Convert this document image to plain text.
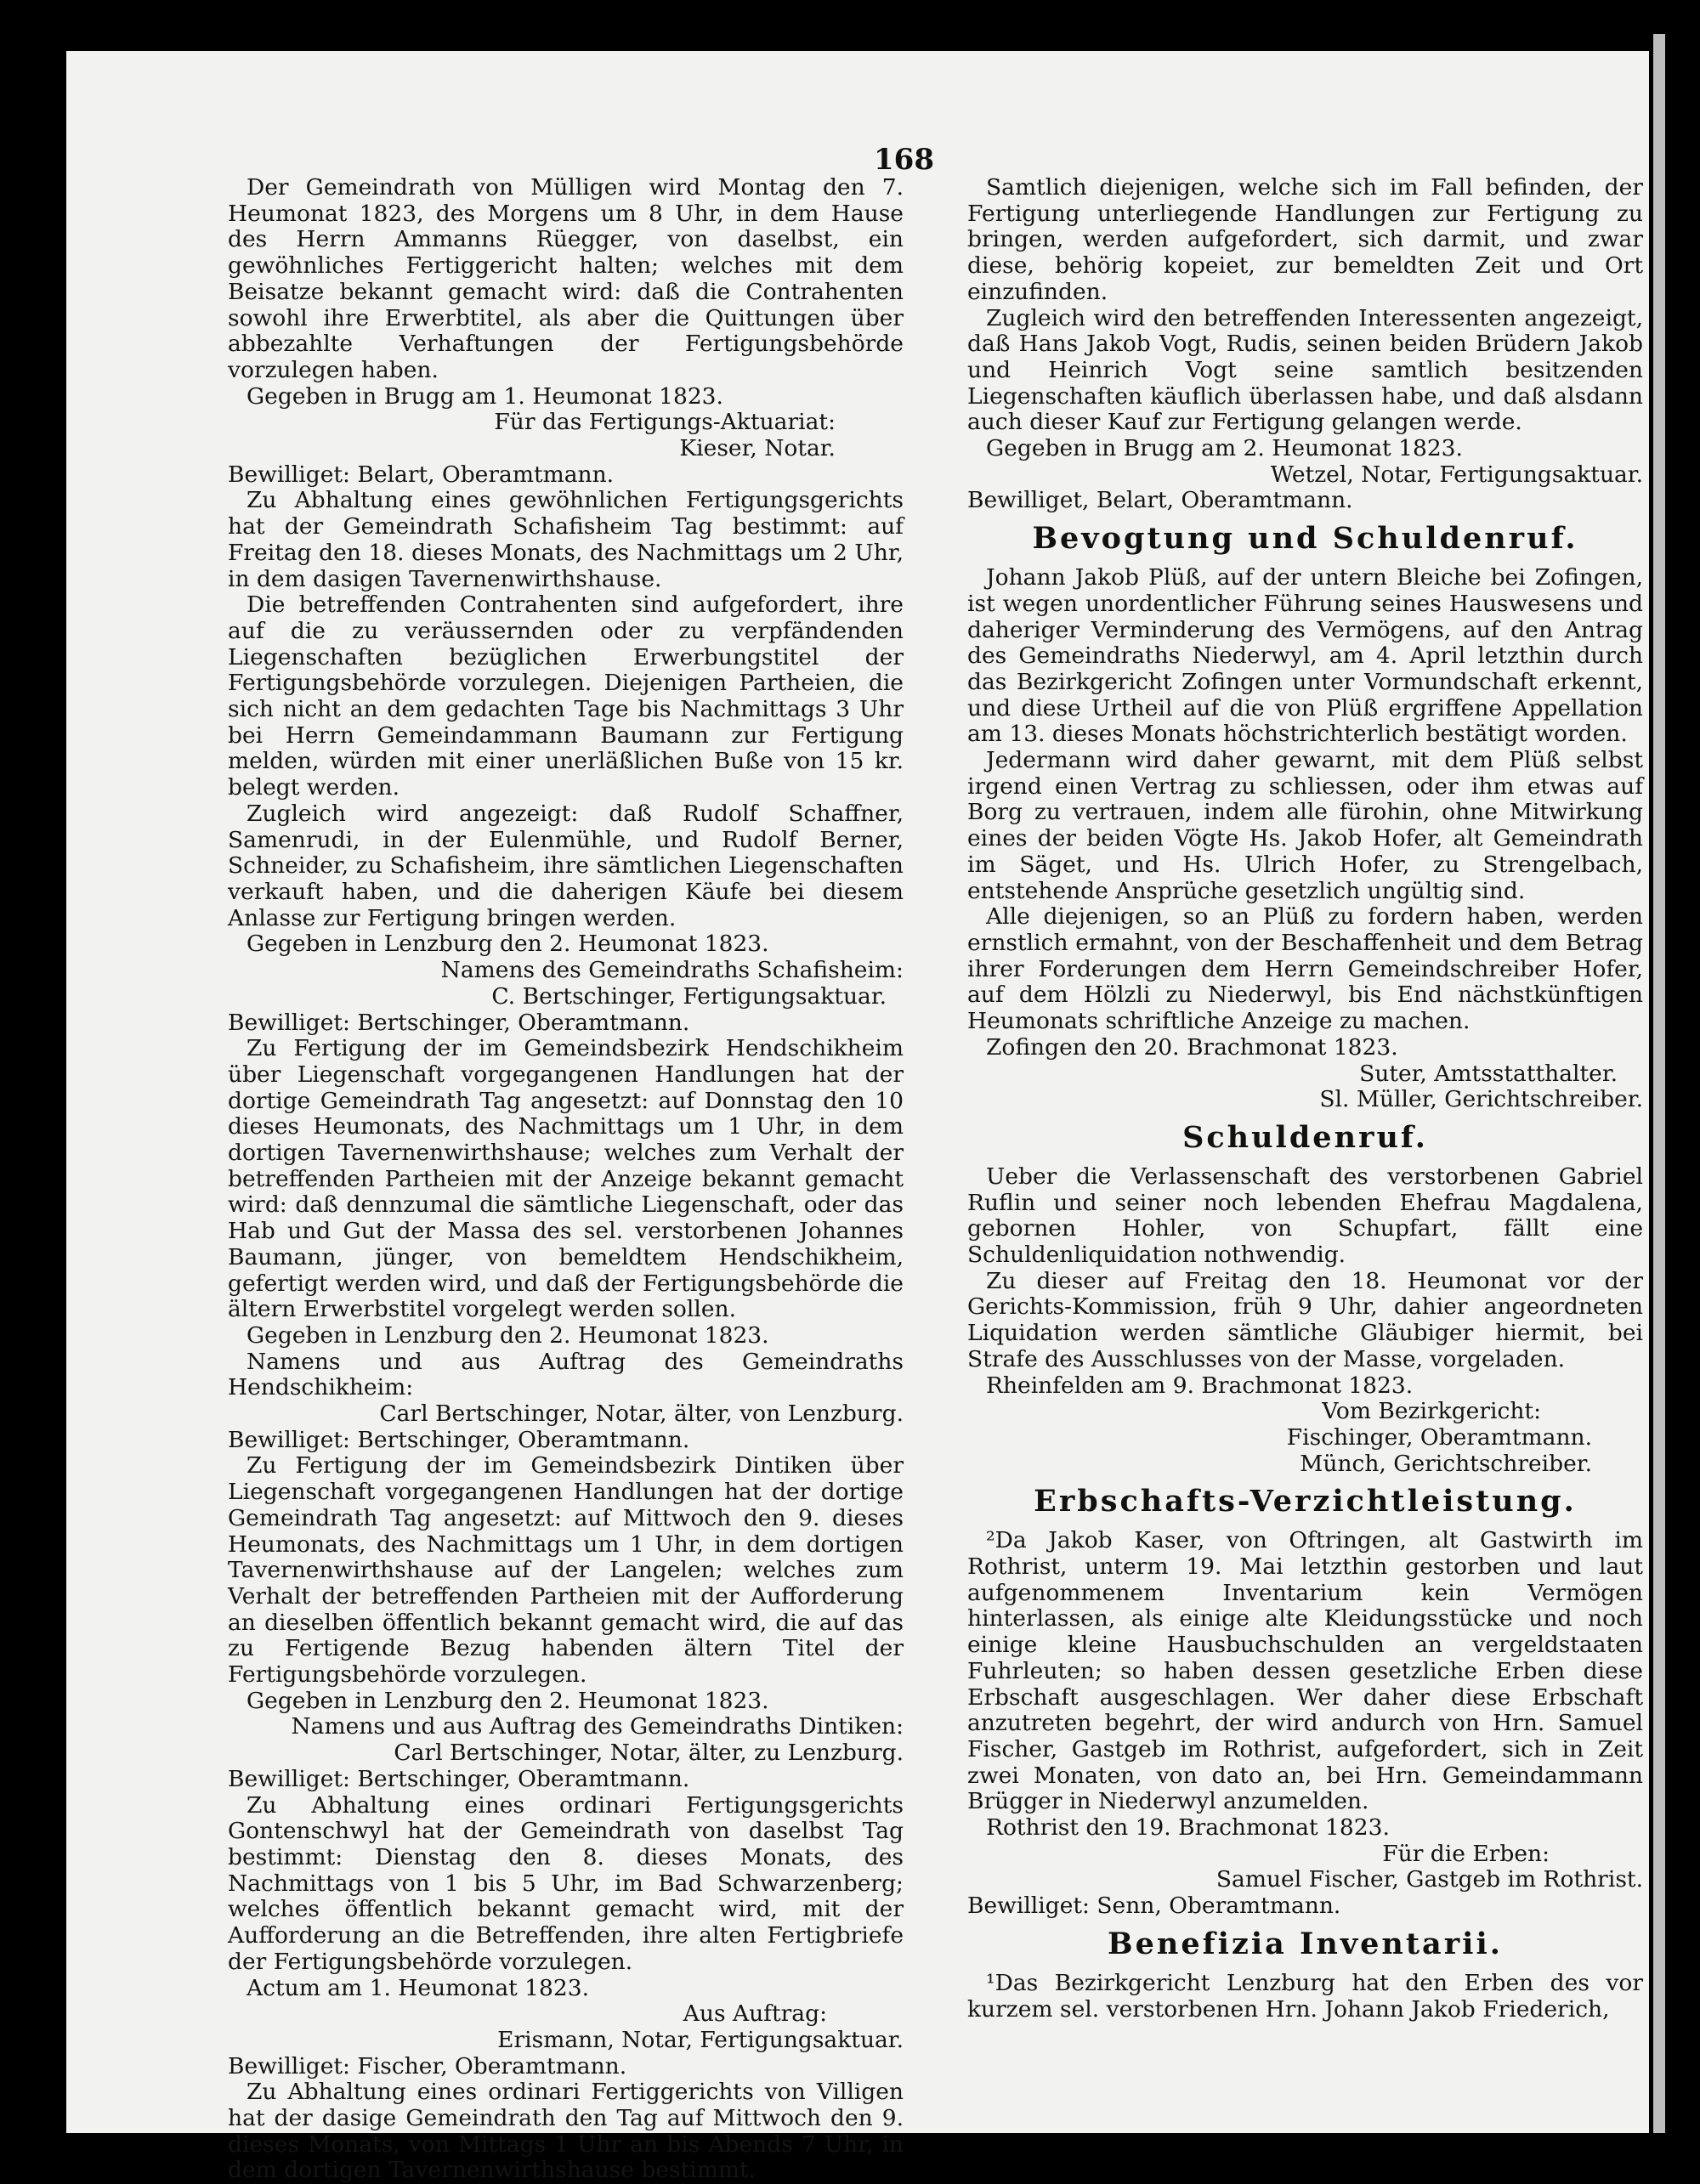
168

Der Gemeindrath von Mülligen wird Montag den 7. Heumonat 1823, des Morgens um 8 Uhr, in dem Hause des Herrn Ammanns Rüegger, von daselbst, ein gewöhnliches Fertiggericht halten; welches mit dem Beisatze bekannt gemacht wird: daß die Contrahenten sowohl ihre Erwerbtitel, als aber die Quittungen über abbezahlte Verhaftungen der Fertigungsbehörde vorzulegen haben.

Gegeben in Brugg am 1. Heumonat 1823.

Für das Fertigungs-Aktuariat:

Kieser, Notar.

Bewilliget: Belart, Oberamtmann.

Zu Abhaltung eines gewöhnlichen Fertigungsgerichts hat der Gemeindrath Schafisheim Tag bestimmt: auf Freitag den 18. dieses Monats, des Nachmittags um 2 Uhr, in dem dasigen Tavernenwirthshause.

Die betreffenden Contrahenten sind aufgefordert, ihre auf die zu veräussernden oder zu verpfändenden Liegenschaften bezüglichen Erwerbungstitel der Fertigungsbehörde vorzulegen. Diejenigen Partheien, die sich nicht an dem gedachten Tage bis Nachmittags 3 Uhr bei Herrn Gemeindammann Baumann zur Fertigung melden, würden mit einer unerläßlichen Buße von 15 kr. belegt werden.

Zugleich wird angezeigt: daß Rudolf Schaffner, Samenrudi, in der Eulenmühle, und Rudolf Berner, Schneider, zu Schafisheim, ihre sämtlichen Liegenschaften verkauft haben, und die daherigen Käufe bei diesem Anlasse zur Fertigung bringen werden.

Gegeben in Lenzburg den 2. Heumonat 1823.

Namens des Gemeindraths Schafisheim:

C. Bertschinger, Fertigungsaktuar.

Bewilliget: Bertschinger, Oberamtmann.

Zu Fertigung der im Gemeindsbezirk Hendschikheim über Liegenschaft vorgegangenen Handlungen hat der dortige Gemeindrath Tag angesetzt: auf Donnstag den 10 dieses Heumonats, des Nachmittags um 1 Uhr, in dem dortigen Tavernenwirthshause; welches zum Verhalt der betreffenden Partheien mit der Anzeige bekannt gemacht wird: daß dennzumal die sämtliche Liegenschaft, oder das Hab und Gut der Massa des sel. verstorbenen Johannes Baumann, jünger, von bemeldtem Hendschikheim, gefertigt werden wird, und daß der Fertigungsbehörde die ältern Erwerbstitel vorgelegt werden sollen.

Gegeben in Lenzburg den 2. Heumonat 1823.

Namens und aus Auftrag des Gemeindraths Hendschikheim:

Carl Bertschinger, Notar, älter, von Lenzburg.

Bewilliget: Bertschinger, Oberamtmann.

Zu Fertigung der im Gemeindsbezirk Dintiken über Liegenschaft vorgegangenen Handlungen hat der dortige Gemeindrath Tag angesetzt: auf Mittwoch den 9. dieses Heumonats, des Nachmittags um 1 Uhr, in dem dortigen Tavernenwirthshause auf der Langelen; welches zum Verhalt der betreffenden Partheien mit der Aufforderung an dieselben öffentlich bekannt gemacht wird, die auf das zu Fertigende Bezug habenden ältern Titel der Fertigungsbehörde vorzulegen.

Gegeben in Lenzburg den 2. Heumonat 1823.

Namens und aus Auftrag des Gemeindraths Dintiken:

Carl Bertschinger, Notar, älter, zu Lenzburg.

Bewilliget: Bertschinger, Oberamtmann.

Zu Abhaltung eines ordinari Fertigungsgerichts Gontenschwyl hat der Gemeindrath von daselbst Tag bestimmt: Dienstag den 8. dieses Monats, des Nachmittags von 1 bis 5 Uhr, im Bad Schwarzenberg; welches öffentlich bekannt gemacht wird, mit der Aufforderung an die Betreffenden, ihre alten Fertigbriefe der Fertigungsbehörde vorzulegen.

Actum am 1. Heumonat 1823.

Aus Auftrag:

Erismann, Notar, Fertigungsaktuar.

Bewilliget: Fischer, Oberamtmann.

Zu Abhaltung eines ordinari Fertiggerichts von Villigen hat der dasige Gemeindrath den Tag auf Mittwoch den 9. dieses Monats, von Mittags 1 Uhr an bis Abends 7 Uhr, in dem dortigen Tavernenwirthshause bestimmt.

Samtlich diejenigen, welche sich im Fall befinden, der Fertigung unterliegende Handlungen zur Fertigung zu bringen, werden aufgefordert, sich darmit, und zwar diese, behörig kopeiet, zur bemeldten Zeit und Ort einzufinden.

Zugleich wird den betreffenden Interessenten angezeigt, daß Hans Jakob Vogt, Rudis, seinen beiden Brüdern Jakob und Heinrich Vogt seine samtlich besitzenden Liegenschaften käuflich überlassen habe, und daß alsdann auch dieser Kauf zur Fertigung gelangen werde.

Gegeben in Brugg am 2. Heumonat 1823.

Wetzel, Notar, Fertigungsaktuar.

Bewilliget, Belart, Oberamtmann.

Bevogtung und Schuldenruf.

Johann Jakob Plüß, auf der untern Bleiche bei Zofingen, ist wegen unordentlicher Führung seines Hauswesens und daheriger Verminderung des Vermögens, auf den Antrag des Gemeindraths Niederwyl, am 4. April letzthin durch das Bezirkgericht Zofingen unter Vormundschaft erkennt, und diese Urtheil auf die von Plüß ergriffene Appellation am 13. dieses Monats höchstrichterlich bestätigt worden.

Jedermann wird daher gewarnt, mit dem Plüß selbst irgend einen Vertrag zu schliessen, oder ihm etwas auf Borg zu vertrauen, indem alle fürohin, ohne Mitwirkung eines der beiden Vögte Hs. Jakob Hofer, alt Gemeindrath im Säget, und Hs. Ulrich Hofer, zu Strengelbach, entstehende Ansprüche gesetzlich ungültig sind.

Alle diejenigen, so an Plüß zu fordern haben, werden ernstlich ermahnt, von der Beschaffenheit und dem Betrag ihrer Forderungen dem Herrn Gemeindschreiber Hofer, auf dem Hölzli zu Niederwyl, bis End nächstkünftigen Heumonats schriftliche Anzeige zu machen.

Zofingen den 20. Brachmonat 1823.

Suter, Amtsstatthalter.

Sl. Müller, Gerichtschreiber.

Schuldenruf.

Ueber die Verlassenschaft des verstorbenen Gabriel Ruflin und seiner noch lebenden Ehefrau Magdalena, gebornen Hohler, von Schupfart, fällt eine Schuldenliquidation nothwendig.

Zu dieser auf Freitag den 18. Heumonat vor der Gerichts-Kommission, früh 9 Uhr, dahier angeordneten Liquidation werden sämtliche Gläubiger hiermit, bei Strafe des Ausschlusses von der Masse, vorgeladen.

Rheinfelden am 9. Brachmonat 1823.

Vom Bezirkgericht:

Fischinger, Oberamtmann.

Münch, Gerichtschreiber.

Erbschafts-Verzichtleistung.

²Da Jakob Kaser, von Oftringen, alt Gastwirth im Rothrist, unterm 19. Mai letzthin gestorben und laut aufgenommenem Inventarium kein Vermögen hinterlassen, als einige alte Kleidungsstücke und noch einige kleine Hausbuchschulden an vergeldstaaten Fuhrleuten; so haben dessen gesetzliche Erben diese Erbschaft ausgeschlagen. Wer daher diese Erbschaft anzutreten begehrt, der wird andurch von Hrn. Samuel Fischer, Gastgeb im Rothrist, aufgefordert, sich in Zeit zwei Monaten, von dato an, bei Hrn. Gemeindammann Brügger in Niederwyl anzumelden.

Rothrist den 19. Brachmonat 1823.

Für die Erben:

Samuel Fischer, Gastgeb im Rothrist.

Bewilliget: Senn, Oberamtmann.

Benefizia Inventarii.

¹Das Bezirkgericht Lenzburg hat den Erben des vor kurzem sel. verstorbenen Hrn. Johann Jakob Friederich,
